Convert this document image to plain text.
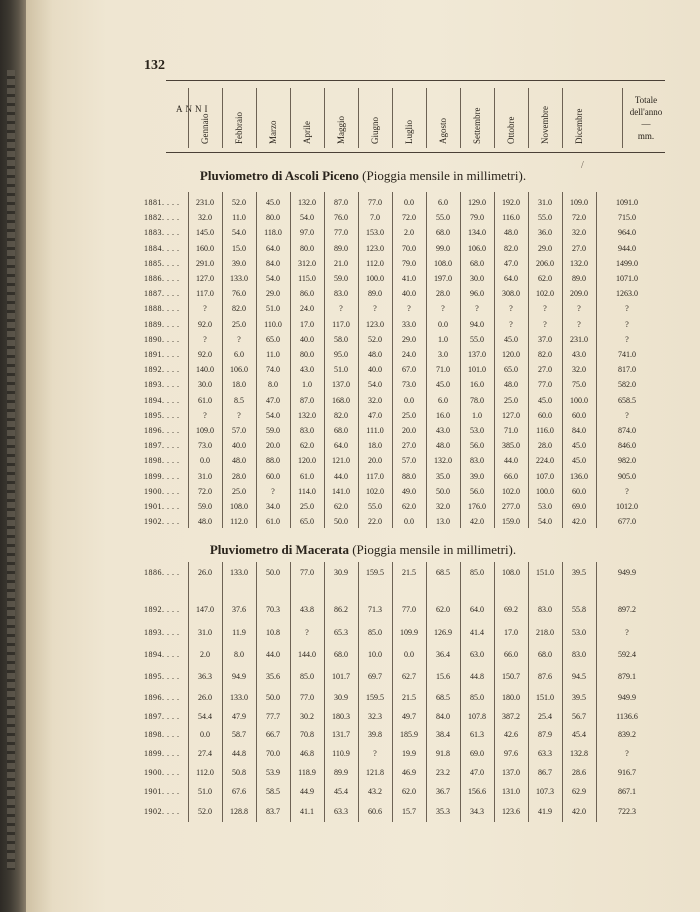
132
ANNI
Totale
dell'anno
—
mm.
Pluviometro di Ascoli Piceno (Pioggia mensile in millimetri).
Pluviometro di Macerata (Pioggia mensile in millimetri).
/
Gennaio	Febbraio	Marzo	Aprile	Maggio	Giugno	Luglio	Agosto	Settembre	Ottobre	Novembre	Dicembre
1881. . . .	231.0	52.0	45.0	132.0	87.0	77.0	0.0	6.0	129.0	192.0	31.0	109.0	1091.0
1882. . . .	32.0	11.0	80.0	54.0	76.0	7.0	72.0	55.0	79.0	116.0	55.0	72.0	715.0
1883. . . .	145.0	54.0	118.0	97.0	77.0	153.0	2.0	68.0	134.0	48.0	36.0	32.0	964.0
1884. . . .	160.0	15.0	64.0	80.0	89.0	123.0	70.0	99.0	106.0	82.0	29.0	27.0	944.0
1885. . . .	291.0	39.0	84.0	312.0	21.0	112.0	79.0	108.0	68.0	47.0	206.0	132.0	1499.0
1886. . . .	127.0	133.0	54.0	115.0	59.0	100.0	41.0	197.0	30.0	64.0	62.0	89.0	1071.0
1887. . . .	117.0	76.0	29.0	86.0	83.0	89.0	40.0	28.0	96.0	308.0	102.0	209.0	1263.0
1888. . . .	?	82.0	51.0	24.0	?	?	?	?	?	?	?	?	?
1889. . . .	92.0	25.0	110.0	17.0	117.0	123.0	33.0	0.0	94.0	?	?	?	?
1890. . . .	?	?	65.0	40.0	58.0	52.0	29.0	1.0	55.0	45.0	37.0	231.0	?
1891. . . .	92.0	6.0	11.0	80.0	95.0	48.0	24.0	3.0	137.0	120.0	82.0	43.0	741.0
1892. . . .	140.0	106.0	74.0	43.0	51.0	40.0	67.0	71.0	101.0	65.0	27.0	32.0	817.0
1893. . . .	30.0	18.0	8.0	1.0	137.0	54.0	73.0	45.0	16.0	48.0	77.0	75.0	582.0
1894. . . .	61.0	8.5	47.0	87.0	168.0	32.0	0.0	6.0	78.0	25.0	45.0	100.0	658.5
1895. . . .	?	?	54.0	132.0	82.0	47.0	25.0	16.0	1.0	127.0	60.0	60.0	?
1896. . . .	109.0	57.0	59.0	83.0	68.0	111.0	20.0	43.0	53.0	71.0	116.0	84.0	874.0
1897. . . .	73.0	40.0	20.0	62.0	64.0	18.0	27.0	48.0	56.0	385.0	28.0	45.0	846.0
1898. . . .	0.0	48.0	88.0	120.0	121.0	20.0	57.0	132.0	83.0	44.0	224.0	45.0	982.0
1899. . . .	31.0	28.0	60.0	61.0	44.0	117.0	88.0	35.0	39.0	66.0	107.0	136.0	905.0
1900. . . .	72.0	25.0	?	114.0	141.0	102.0	49.0	50.0	56.0	102.0	100.0	60.0	?
1901. . . .	59.0	108.0	34.0	25.0	62.0	55.0	62.0	32.0	176.0	277.0	53.0	69.0	1012.0
1902. . . .	48.0	112.0	61.0	65.0	50.0	22.0	0.0	13.0	42.0	159.0	54.0	42.0	677.0
1886. . . .	26.0	133.0	50.0	77.0	30.9	159.5	21.5	68.5	85.0	108.0	151.0	39.5	949.9
1892. . . .	147.0	37.6	70.3	43.8	86.2	71.3	77.0	62.0	64.0	69.2	83.0	55.8	897.2
1893. . . .	31.0	11.9	10.8	?	65.3	85.0	109.9	126.9	41.4	17.0	218.0	53.0	?
1894. . . .	2.0	8.0	44.0	144.0	68.0	10.0	0.0	36.4	63.0	66.0	68.0	83.0	592.4
1895. . . .	36.3	94.9	35.6	85.0	101.7	69.7	62.7	15.6	44.8	150.7	87.6	94.5	879.1
1896. . . .	26.0	133.0	50.0	77.0	30.9	159.5	21.5	68.5	85.0	180.0	151.0	39.5	949.9
1897. . . .	54.4	47.9	77.7	30.2	180.3	32.3	49.7	84.0	107.8	387.2	25.4	56.7	1136.6
1898. . . .	0.0	58.7	66.7	70.8	131.7	39.8	185.9	38.4	61.3	42.6	87.9	45.4	839.2
1899. . . .	27.4	44.8	70.0	46.8	110.9	?	19.9	91.8	69.0	97.6	63.3	132.8	?
1900. . . .	112.0	50.8	53.9	118.9	89.9	121.8	46.9	23.2	47.0	137.0	86.7	28.6	916.7
1901. . . .	51.0	67.6	58.5	44.9	45.4	43.2	62.0	36.7	156.6	131.0	107.3	62.9	867.1
1902. . . .	52.0	128.8	83.7	41.1	63.3	60.6	15.7	35.3	34.3	123.6	41.9	42.0	722.3
